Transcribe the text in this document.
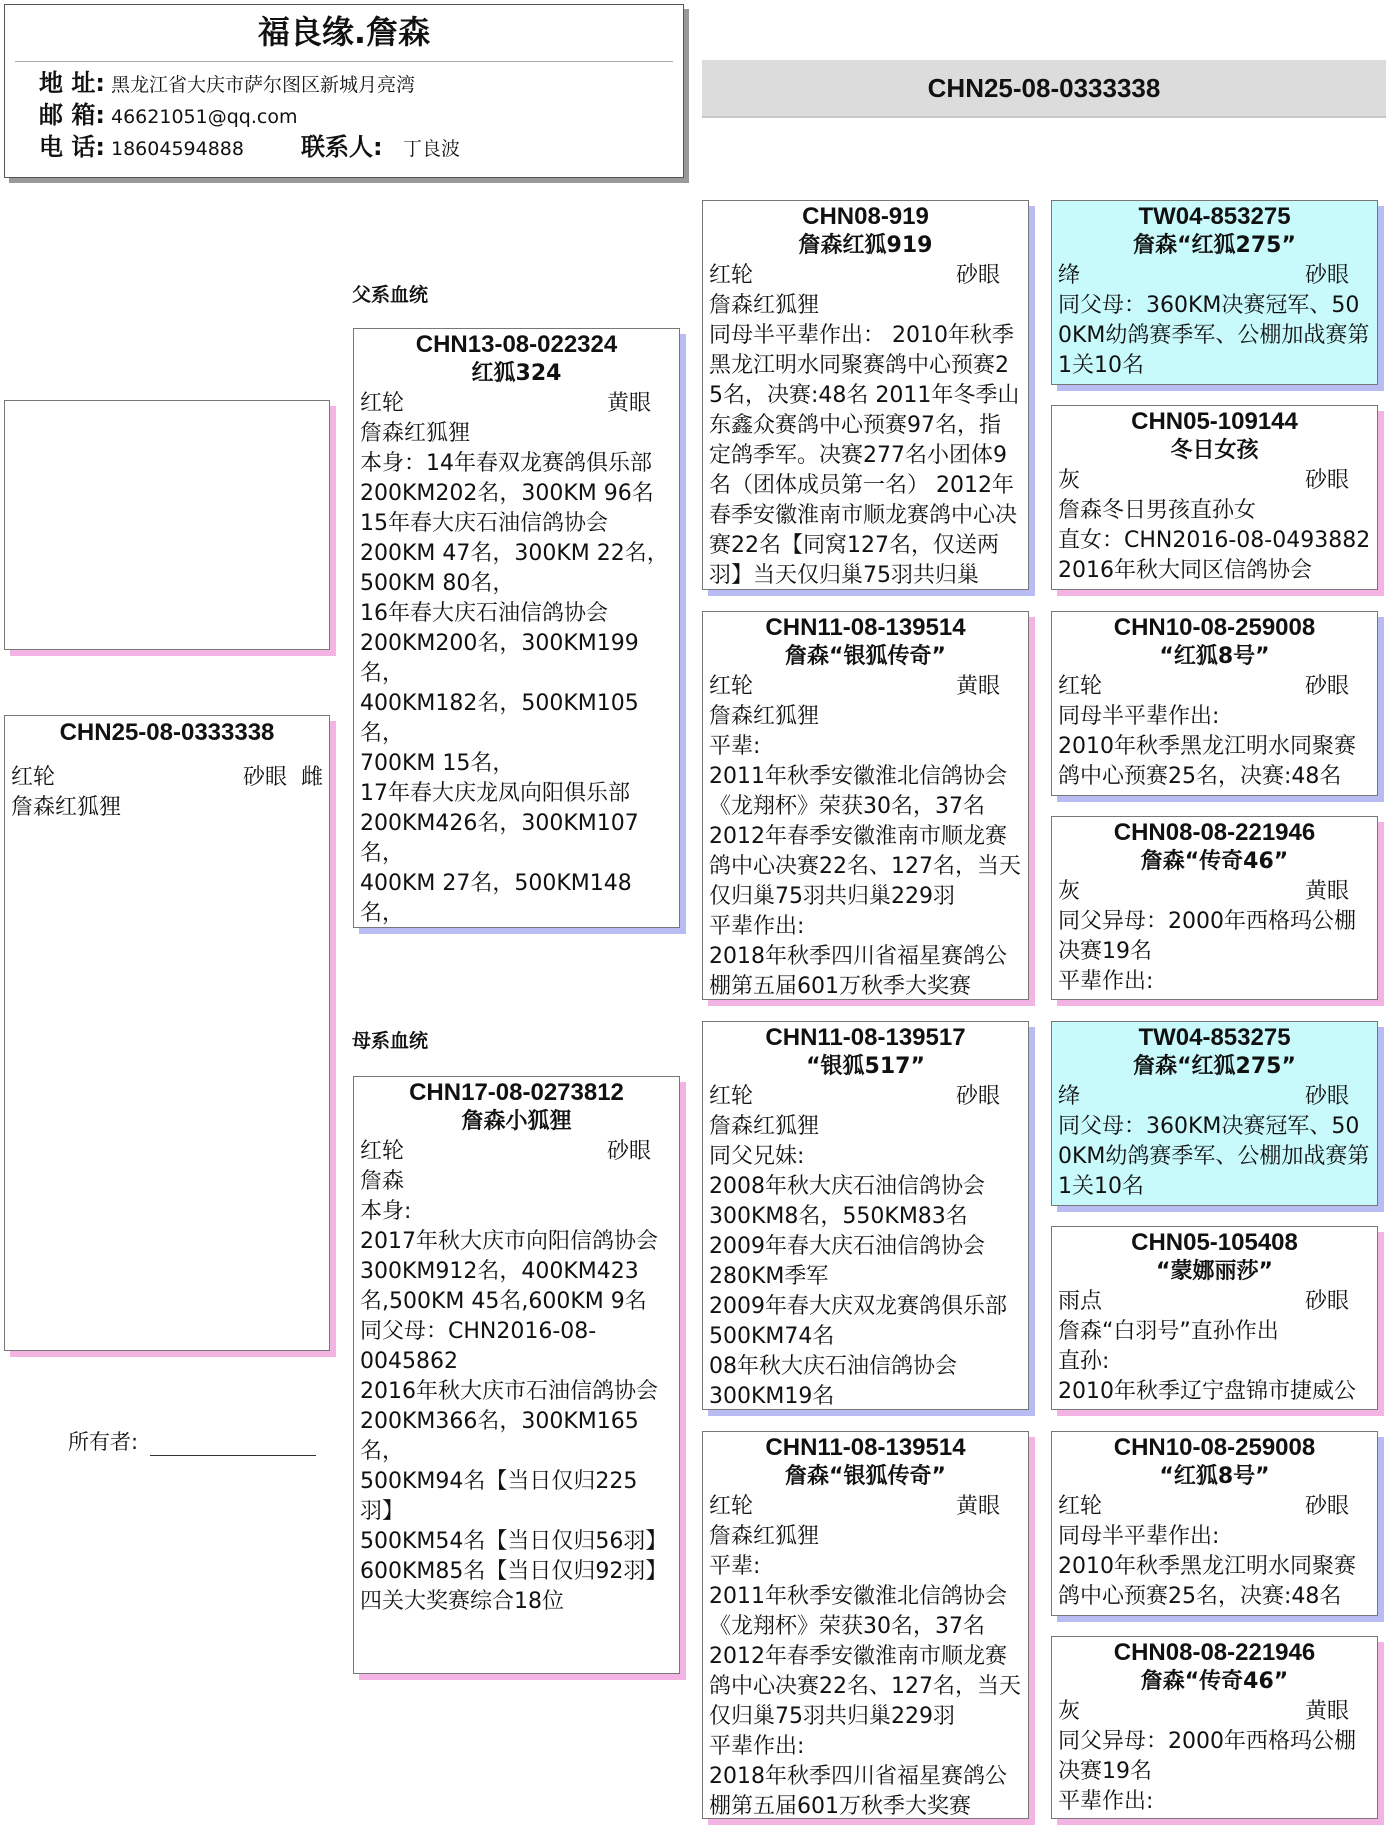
福良缘.詹森
地 址: 黑龙江省大庆市萨尔图区新城月亮湾
邮 箱: 46621051@qq.com
电 话: 18604594888	联系人:	丁良波
CHN25-08-0333338
CHN25-08-0333338
红轮	砂眼 雌
詹森红狐狸
所有者:
父系血统
母系血统
CHN13-08-022324
红狐324
红轮	黄眼
詹森红狐狸
本身：14年春双龙赛鸽俱乐部
200KM202名，300KM 96名
15年春大庆石油信鸽协会
200KM 47名，300KM 22名，
500KM 80名，
16年春大庆石油信鸽协会
200KM200名，300KM199名，
400KM182名，500KM105名，
700KM 15名，
17年春大庆龙凤向阳俱乐部
200KM426名，300KM107名，
400KM 27名，500KM148名，
CHN17-08-0273812
詹森小狐狸
红轮	砂眼
詹森
本身:
2017年秋大庆市向阳信鸽协会
300KM912名，400KM423
名,500KM 45名,600KM 9名
同父母：CHN2016-08-
0045862
2016年秋大庆市石油信鸽协会
200KM366名，300KM165名，
500KM94名【当日仅归225
羽】
500KM54名【当日仅归56羽】
600KM85名【当日仅归92羽】
四关大奖赛综合18位
CHN08-919
詹森红狐919
红轮	砂眼
詹森红狐狸
同母半平辈作出： 2010年秋季黑龙江明水同聚赛鸽中心预赛25名，决赛:48名 2011年冬季山东鑫众赛鸽中心预赛97名，指定鸽季军。决赛277名小团体9名（团体成员第一名） 2012年春季安徽淮南市顺龙赛鸽中心决赛22名【同窝127名，仅送两羽】当天仅归巢75羽共归巢
CHN11-08-139514
詹森“银狐传奇”
红轮	黄眼
詹森红狐狸
平辈:
2011年秋季安徽淮北信鸽协会《龙翔杯》荣获30名，37名
2012年春季安徽淮南市顺龙赛鸽中心决赛22名、127名，当天仅归巢75羽共归巢229羽
平辈作出:
2018年秋季四川省福星赛鸽公棚第五届601万秋季大奖赛
CHN11-08-139517
“银狐517”
红轮	砂眼
詹森红狐狸
同父兄妹:
2008年秋大庆石油信鸽协会
300KM8名，550KM83名
2009年春大庆石油信鸽协会
280KM季军
2009年春大庆双龙赛鸽俱乐部
500KM74名
08年秋大庆石油信鸽协会
300KM19名
CHN11-08-139514
詹森“银狐传奇”
红轮	黄眼
詹森红狐狸
平辈:
2011年秋季安徽淮北信鸽协会《龙翔杯》荣获30名，37名
2012年春季安徽淮南市顺龙赛鸽中心决赛22名、127名，当天仅归巢75羽共归巢229羽
平辈作出:
2018年秋季四川省福星赛鸽公棚第五届601万秋季大奖赛
TW04-853275
詹森“红狐275”
绛	砂眼
同父母：360KM决赛冠军、500KM幼鸽赛季军、公棚加战赛第1关10名
CHN05-109144
冬日女孩
灰	砂眼
詹森冬日男孩直孙女
直女：CHN2016-08-0493882
2016年秋大同区信鸽协会
CHN10-08-259008
“红狐8号”
红轮	砂眼
同母半平辈作出:
2010年秋季黑龙江明水同聚赛鸽中心预赛25名，决赛:48名
CHN08-08-221946
詹森“传奇46”
灰	黄眼
同父异母：2000年西格玛公棚决赛19名
平辈作出:
TW04-853275
詹森“红狐275”
绛	砂眼
同父母：360KM决赛冠军、500KM幼鸽赛季军、公棚加战赛第1关10名
CHN05-105408
“蒙娜丽莎”
雨点	砂眼
詹森“白羽号”直孙作出
直孙:
2010年秋季辽宁盘锦市捷威公
CHN10-08-259008
“红狐8号”
红轮	砂眼
同母半平辈作出:
2010年秋季黑龙江明水同聚赛鸽中心预赛25名，决赛:48名
CHN08-08-221946
詹森“传奇46”
灰	黄眼
同父异母：2000年西格玛公棚决赛19名
平辈作出:
